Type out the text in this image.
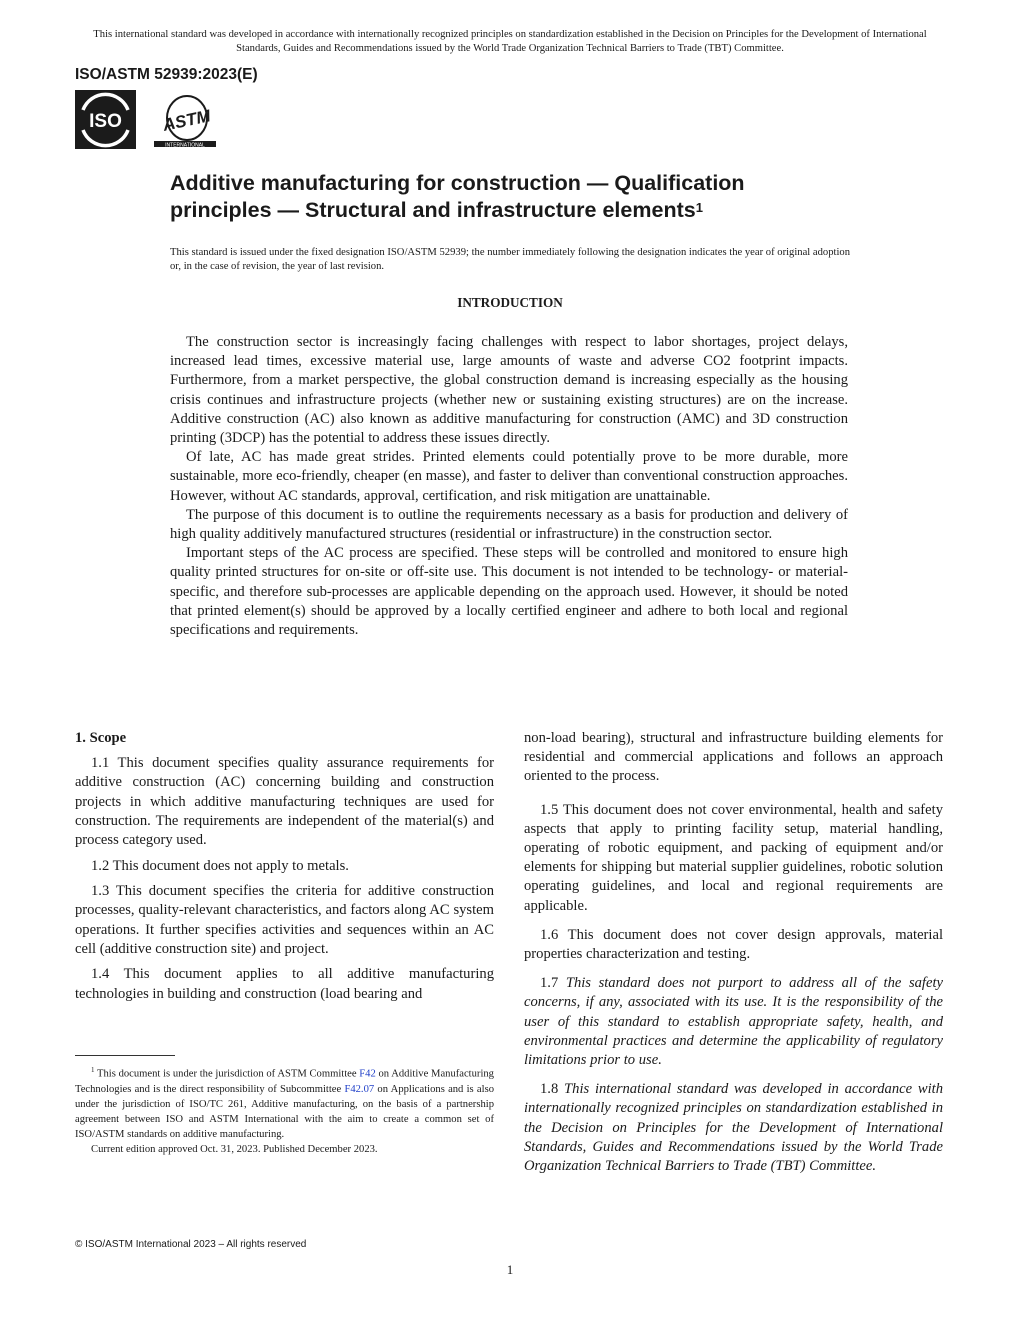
This international standard was developed in accordance with internationally recognized principles on standardization established in the Decision on Principles for the Development of International Standards, Guides and Recommendations issued by the World Trade Organization Technical Barriers to Trade (TBT) Committee.
ISO/ASTM 52939:2023(E)
ISO ASTM
INTERNATIONAL
Additive manufacturing for construction — Qualification
principles — Structural and infrastructure elements$^1$
This standard is issued under the fixed designation ISO/ASTM 52939; the number immediately following the designation indicates the year of original adoption or, in the case of revision, the year of last revision.
INTRODUCTION

The construction sector is increasingly facing challenges with respect to labor shortages, project delays, increased lead times, excessive material use, large amounts of waste and adverse CO2 footprint impacts. Furthermore, from a market perspective, the global construction demand is increasing especially as the housing crisis continues and infrastructure projects (whether new or sustaining existing structures) are on the increase. Additive construction (AC) also known as additive manufacturing for construction (AMC) and 3D construction printing (3DCP) has the potential to address these issues directly.

Of late, AC has made great strides. Printed elements could potentially prove to be more durable, more sustainable, more eco-friendly, cheaper (en masse), and faster to deliver than conventional construction approaches. However, without AC standards, approval, certification, and risk mitigation are unattainable.

The purpose of this document is to outline the requirements necessary as a basis for production and delivery of high quality additively manufactured structures (residential or infrastructure) in the construction sector.

Important steps of the AC process are specified. These steps will be controlled and monitored to ensure high quality printed structures for on-site or off-site use. This document is not intended to be technology- or material-specific, and therefore sub-processes are applicable depending on the approach used. However, it should be noted that printed element(s) should be approved by a locally certified engineer and adhere to both local and regional specifications and requirements.

1. Scope

1.1 This document specifies quality assurance requirements for additive construction (AC) concerning building and construction projects in which additive manufacturing techniques are used for construction. The requirements are independent of the material(s) and process category used.

1.2 This document does not apply to metals.

1.3 This document specifies the criteria for additive construction processes, quality-relevant characteristics, and factors along AC system operations. It further specifies activities and sequences within an AC cell (additive construction site) and project.

1.4 This document applies to all additive manufacturing technologies in building and construction (load bearing and

non-load bearing), structural and infrastructure building elements for residential and commercial applications and follows an approach oriented to the process.

1.5 This document does not cover environmental, health and safety aspects that apply to printing facility setup, material handling, operating of robotic equipment, and packing of equipment and/or elements for shipping but material supplier guidelines, robotic solution operating guidelines, and local and regional requirements are applicable.

1.6 This document does not cover design approvals, material properties characterization and testing.

1.7 This standard does not purport to address all of the safety concerns, if any, associated with its use. It is the responsibility of the user of this standard to establish appropriate safety, health, and environmental practices and determine the applicability of regulatory limitations prior to use.

1.8 This international standard was developed in accordance with internationally recognized principles on standardization established in the Decision on Principles for the Development of International Standards, Guides and Recommendations issued by the World Trade Organization Technical Barriers to Trade (TBT) Committee.

$^1$ This document is under the jurisdiction of ASTM Committee F42 on Additive Manufacturing Technologies and is the direct responsibility of Subcommittee F42.07 on Applications and is also under the jurisdiction of ISO/TC 261, Additive manufacturing, on the basis of a partnership agreement between ISO and ASTM International with the aim to create a common set of ISO/ASTM standards on additive manufacturing.

Current edition approved Oct. 31, 2023. Published December 2023.

© ISO/ASTM International 2023 – All rights reserved
1
